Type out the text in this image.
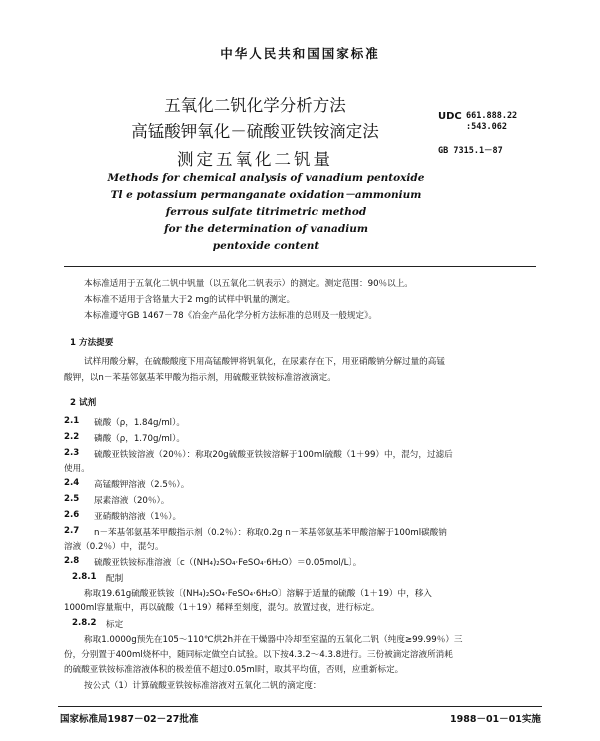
中华人民共和国国家标准
五氧化二钒化学分析方法
高锰酸钾氧化－硫酸亚铁铵滴定法
测定五氧化二钒量
UDC 661.888.22
:543.062
GB 7315.1－87
Methods for chemical analysis of vanadium pentoxide
Tl e potassium permanganate oxidation－ammonium
ferrous sulfate titrimetric method
for the determination of vanadium
pentoxide content
本标准适用于五氧化二钒中钒量（以五氧化二钒表示）的测定。测定范围：90％以上。
本标准不适用于含铬量大于2 mg的试样中钒量的测定。
本标准遵守GB 1467－78《冶金产品化学分析方法标准的总则及一般规定》。
1 方法提要
试样用酸分解，在硫酸酸度下用高锰酸钾将钒氧化，在尿素存在下，用亚硝酸钠分解过量的高锰
酸钾，以n－苯基邻氨基苯甲酸为指示剂，用硫酸亚铁铵标准溶液滴定。
2 试剂
2.1 硫酸（ρ，1.84g/ml）。
2.2 磷酸（ρ，1.70g/ml）。
2.3 硫酸亚铁铵溶液（20％）：称取20g硫酸亚铁铵溶解于100ml硫酸（1＋99）中，混匀，过滤后
使用。
2.4 高锰酸钾溶液（2.5％）。
2.5 尿素溶液（20％）。
2.6 亚硝酸钠溶液（1％）。
2.7 n－苯基邻氨基苯甲酸指示剂（0.2％）：称取0.2g n－苯基邻氨基苯甲酸溶解于100ml碳酸钠
溶液（0.2％）中，混匀。
2.8 硫酸亚铁铵标准溶液〔c（(NH₄)₂SO₄·FeSO₄·6H₂O）＝0.05mol/L〕。
2.8.1 配制
称取19.61g硫酸亚铁铵〔(NH₄)₂SO₄·FeSO₄·6H₂O〕溶解于适量的硫酸（1＋19）中，移入
1000ml容量瓶中，再以硫酸（1＋19）稀释至刻度，混匀。放置过夜，进行标定。
2.8.2 标定
称取1.0000g预先在105～110℃烘2h并在干燥器中冷却至室温的五氧化二钒（纯度≥99.99％）三
份，分别置于400ml烧杯中，随同标定做空白试验。以下按4.3.2～4.3.8进行。三份被滴定溶液所消耗
的硫酸亚铁铵标准溶液体积的极差值不超过0.05ml时，取其平均值，否则，应重新标定。
按公式（1）计算硫酸亚铁铵标准溶液对五氧化二钒的滴定度：
国家标准局1987－02－27批准	1988－01－01实施
